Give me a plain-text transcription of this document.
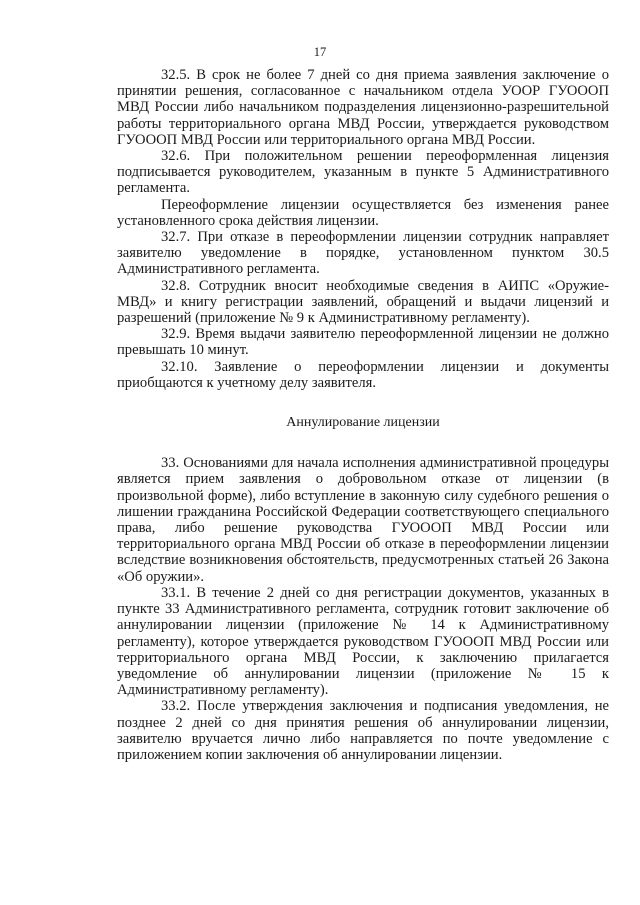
17

32.5. В срок не более 7 дней со дня приема заявления заключение о принятии решения, согласованное с начальником отдела УООР ГУОООП МВД России либо начальником подразделения лицензионно-разрешительной работы территориального органа МВД России, утверждается руководством ГУОООП МВД России или территориального органа МВД России.

32.6. При положительном решении переоформленная лицензия подписывается руководителем, указанным в пункте 5 Административного регламента.

Переоформление лицензии осуществляется без изменения ранее установленного срока действия лицензии.

32.7. При отказе в переоформлении лицензии сотрудник направляет заявителю уведомление в порядке, установленном пунктом 30.5 Административного регламента.

32.8. Сотрудник вносит необходимые сведения в АИПС «Оружие-МВД» и книгу регистрации заявлений, обращений и выдачи лицензий и разрешений (приложение № 9 к Административному регламенту).

32.9. Время выдачи заявителю переоформленной лицензии не должно превышать 10 минут.

32.10. Заявление о переоформлении лицензии и документы приобщаются к учетному делу заявителя.

Аннулирование лицензии

33. Основаниями для начала исполнения административной процедуры является прием заявления о добровольном отказе от лицензии (в произвольной форме), либо вступление в законную силу судебного решения о лишении гражданина Российской Федерации соответствующего специального права, либо решение руководства ГУОООП МВД России или территориального органа МВД России об отказе в переоформлении лицензии вследствие возникновения обстоятельств, предусмотренных статьей 26 Закона «Об оружии».

33.1. В течение 2 дней со дня регистрации документов, указанных в пункте 33 Административного регламента, сотрудник готовит заключение об аннулировании лицензии (приложение № 14 к Административному регламенту), которое утверждается руководством ГУОООП МВД России или территориального органа МВД России, к заключению прилагается уведомление об аннулировании лицензии (приложение № 15 к Административному регламенту).

33.2. После утверждения заключения и подписания уведомления, не позднее 2 дней со дня принятия решения об аннулировании лицензии, заявителю вручается лично либо направляется по почте уведомление с приложением копии заключения об аннулировании лицензии.
